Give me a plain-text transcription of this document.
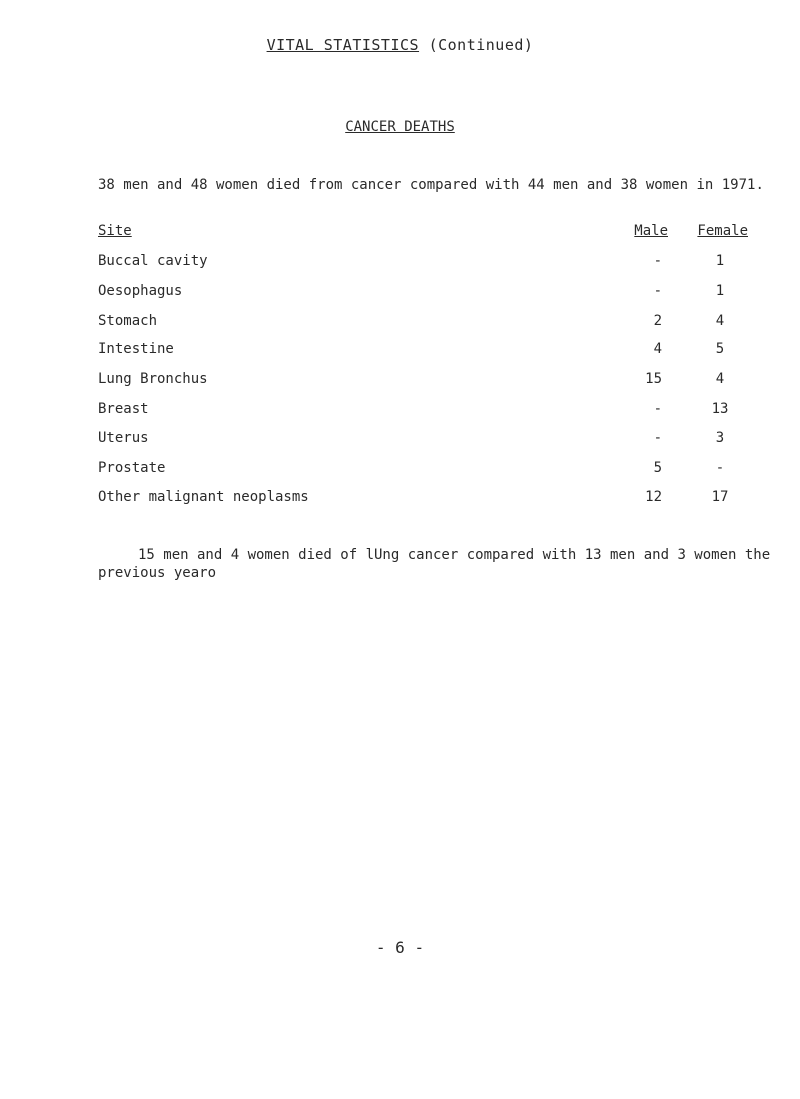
VITAL STATISTICS (Continued)
CANCER DEATHS
38 men and 48 women died from cancer compared with 44 men and 38 women in 1971.
Site	Male	Female
Buccal cavity	-	1
Oesophagus	-	1
Stomach	2	4
Intestine	4	5
Lung Bronchus	15	4
Breast	-	13
Uterus	-	3
Prostate	5	-
Other malignant neoplasms	12	17
15 men and 4 women died of lUng cancer compared with 13 men and 3 women the
previous yearo
- 6 -
